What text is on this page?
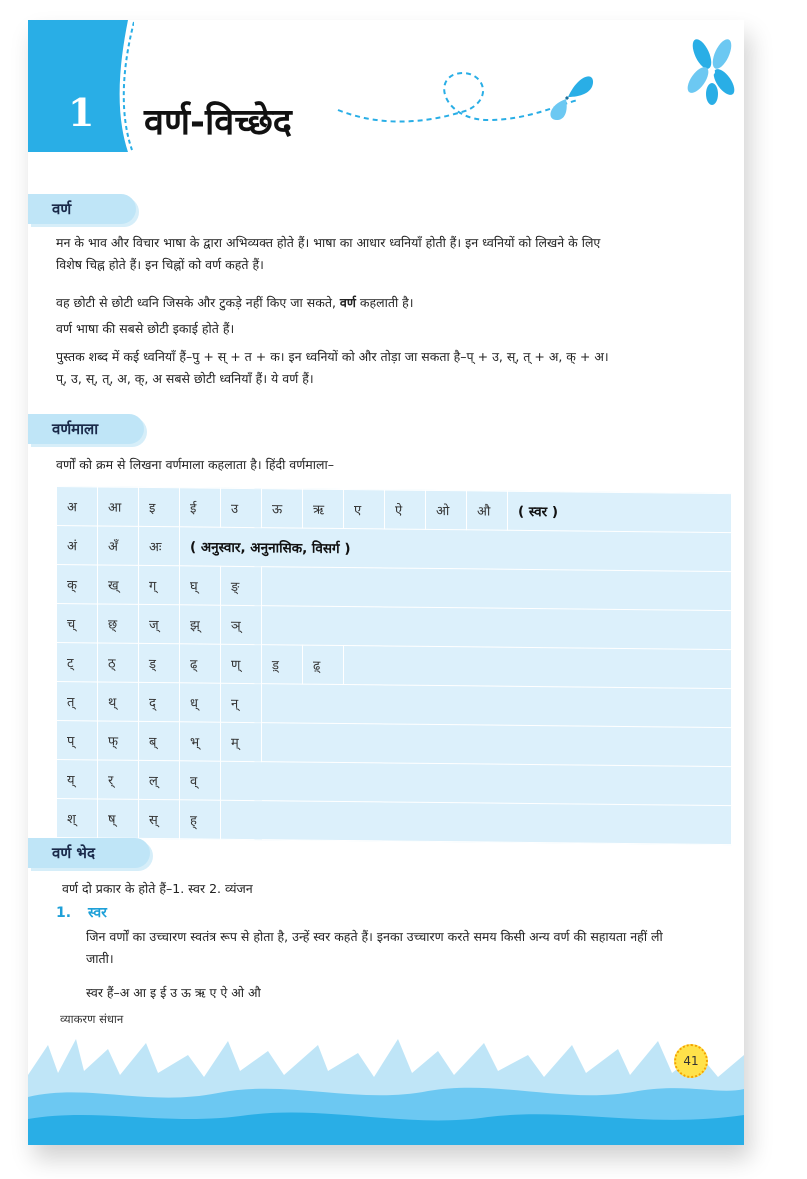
1 वर्ण-विच्छेद
वर्ण
मन के भाव और विचार भाषा के द्वारा अभिव्यक्त होते हैं। भाषा का आधार ध्वनियाँ होती हैं। इन ध्वनियों को लिखने के लिए
विशेष चिह्न होते हैं। इन चिह्नों को वर्ण कहते हैं।
वह छोटी से छोटी ध्वनि जिसके और टुकड़े नहीं किए जा सकते, वर्ण कहलाती है।
वर्ण भाषा की सबसे छोटी इकाई होते हैं।
पुस्तक शब्द में कई ध्वनियाँ हैं–पु + स् + त + क। इन ध्वनियों को और तोड़ा जा सकता है–प् + उ, स्, त् + अ, क् + अ।
प्, उ, स्, त्, अ, क्, अ सबसे छोटी ध्वनियाँ हैं। ये वर्ण हैं।
वर्णमाला
वर्णों को क्रम से लिखना वर्णमाला कहलाता है। हिंदी वर्णमाला–
अ	आ	इ	ई	उ	ऊ	ऋ	ए	ऐ	ओ	औ	( स्वर )
अं	अँ	अः	( अनुस्वार, अनुनासिक, विसर्ग )								
क्	ख्	ग्	घ्	ङ्							
च्	छ्	ज्	झ्	ञ्							
ट्	ठ्	ड्	ढ्	ण्	ड़्	ढ़्					
त्	थ्	द्	ध्	न्							
प्	फ्	ब्	भ्	म्							
य्	र्	ल्	व्								
श्	ष्	स्	ह्								
वर्ण भेद
वर्ण दो प्रकार के होते हैं–1. स्वर 2. व्यंजन
1. स्वर
जिन वर्णों का उच्चारण स्वतंत्र रूप से होता है, उन्हें स्वर कहते हैं। इनका उच्चारण करते समय किसी अन्य वर्ण की सहायता नहीं ली
जाती।
स्वर हैं–अ आ इ ई उ ऊ ऋ ए ऐ ओ औ
व्याकरण संधान
41
